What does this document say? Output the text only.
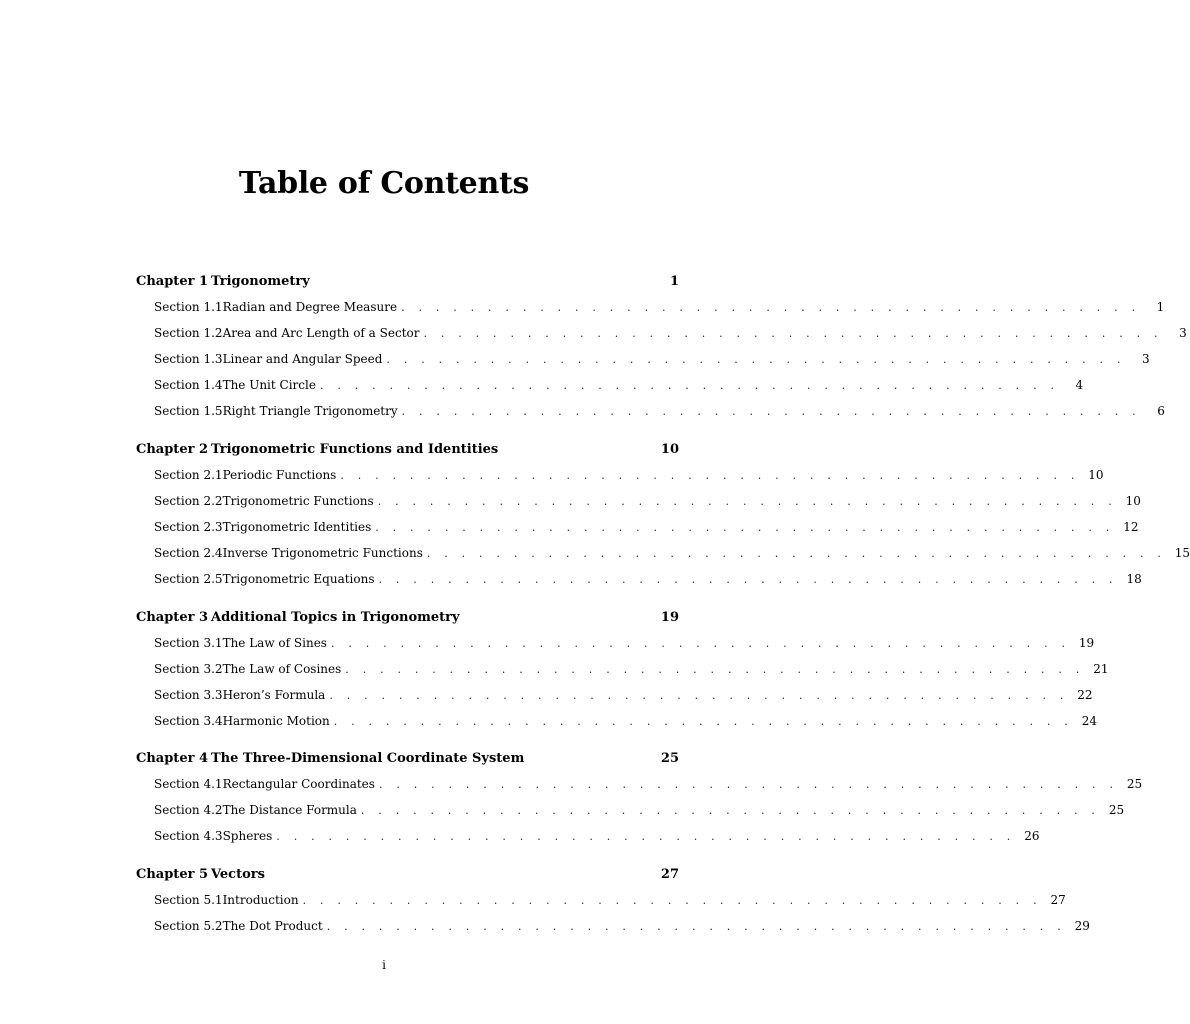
Table of Contents
Chapter 1 Trigonometry	1
Section 1.1 Radian and Degree Measure . . . . . . . . . . . . . . . . . . . . . . . . . . . . . . . . . . . . . . . . . . .	1
Section 1.2 Area and Arc Length of a Sector . . . . . . . . . . . . . . . . . . . . . . . . . . . . . . . . . . . . . . . . . . .	3
Section 1.3 Linear and Angular Speed . . . . . . . . . . . . . . . . . . . . . . . . . . . . . . . . . . . . . . . . . . .	3
Section 1.4 The Unit Circle . . . . . . . . . . . . . . . . . . . . . . . . . . . . . . . . . . . . . . . . . . .	4
Section 1.5 Right Triangle Trigonometry . . . . . . . . . . . . . . . . . . . . . . . . . . . . . . . . . . . . . . . . . . .	6
Chapter 2 Trigonometric Functions and Identities	10
Section 2.1 Periodic Functions . . . . . . . . . . . . . . . . . . . . . . . . . . . . . . . . . . . . . . . . . . . 10
Section 2.2 Trigonometric Functions . . . . . . . . . . . . . . . . . . . . . . . . . . . . . . . . . . . . . . . . . . . 10
Section 2.3 Trigonometric Identities . . . . . . . . . . . . . . . . . . . . . . . . . . . . . . . . . . . . . . . . . . . 12
Section 2.4 Inverse Trigonometric Functions . . . . . . . . . . . . . . . . . . . . . . . . . . . . . . . . . . . . . . . . . . . 15
Section 2.5 Trigonometric Equations . . . . . . . . . . . . . . . . . . . . . . . . . . . . . . . . . . . . . . . . . . . 18
Chapter 3 Additional Topics in Trigonometry	19
Section 3.1 The Law of Sines . . . . . . . . . . . . . . . . . . . . . . . . . . . . . . . . . . . . . . . . . . . 19
Section 3.2 The Law of Cosines . . . . . . . . . . . . . . . . . . . . . . . . . . . . . . . . . . . . . . . . . . . 21
Section 3.3 Heron’s Formula . . . . . . . . . . . . . . . . . . . . . . . . . . . . . . . . . . . . . . . . . . . 22
Section 3.4 Harmonic Motion . . . . . . . . . . . . . . . . . . . . . . . . . . . . . . . . . . . . . . . . . . . 24
Chapter 4 The Three-Dimensional Coordinate System	25
Section 4.1 Rectangular Coordinates . . . . . . . . . . . . . . . . . . . . . . . . . . . . . . . . . . . . . . . . . . . 25
Section 4.2 The Distance Formula . . . . . . . . . . . . . . . . . . . . . . . . . . . . . . . . . . . . . . . . . . . 25
Section 4.3 Spheres . . . . . . . . . . . . . . . . . . . . . . . . . . . . . . . . . . . . . . . . . . . 26
Chapter 5 Vectors	27
Section 5.1 Introduction . . . . . . . . . . . . . . . . . . . . . . . . . . . . . . . . . . . . . . . . . . . 27
Section 5.2 The Dot Product . . . . . . . . . . . . . . . . . . . . . . . . . . . . . . . . . . . . . . . . . . . 29
i
